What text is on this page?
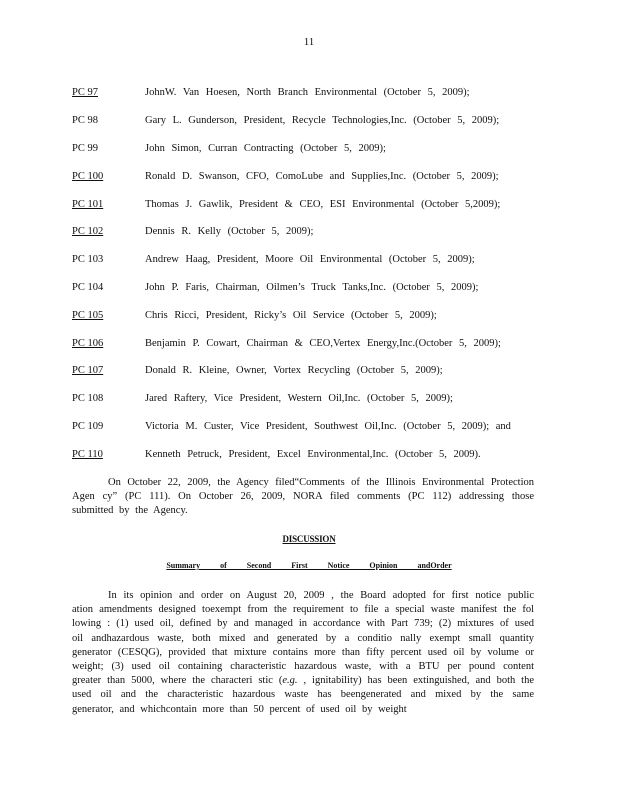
11
PC 97	JohnW. Van Hoesen, North Branch Environmental (October 5, 2009);
PC 98	Gary L. Gunderson, President, Recycle Technologies,Inc. (October 5, 2009);
PC 99	John Simon, Curran Contracting (October 5, 2009);
PC 100	Ronald D. Swanson, CFO, ComoLube and Supplies,Inc. (October 5, 2009);
PC 101	Thomas J. Gawlik, President & CEO, ESI Environmental (October 5,2009);
PC 102	Dennis R. Kelly (October 5, 2009);
PC 103	Andrew Haag, President, Moore Oil Environmental (October 5, 2009);
PC 104	John P. Faris, Chairman, Oilmen’s Truck Tanks,Inc. (October 5, 2009);
PC 105	Chris Ricci, President, Ricky’s Oil Service (October 5, 2009);
PC 106	Benjamin P. Cowart, Chairman & CEO,Vertex Energy,Inc.(October 5, 2009);
PC 107	Donald R. Kleine, Owner, Vortex Recycling (October 5, 2009);
PC 108	Jared Raftery, Vice President, Western Oil,Inc. (October 5, 2009);
PC 109	Victoria M. Custer, Vice President, Southwest Oil,Inc. (October 5, 2009); and
PC 110	Kenneth Petruck, President, Excel Environmental,Inc. (October 5, 2009).

On October 22, 2009, the Agency filed“Comments of the Illinois Environmental Protection Agen cy” (PC 111). On October 26, 2009, NORA filed comments (PC 112) addressing those submitted by the Agency.

DISCUSSION
Summary of Second First Notice Opinion andOrder

In its opinion and order on August 20, 2009 , the Board adopted for first notice public ation amendments designed toexempt from the requirement to file a special waste manifest the fol lowing : (1) used oil, defined by and managed in accordance with Part 739; (2) mixtures of used oil andhazardous waste, both mixed and generated by a conditio nally exempt small quantity generator (CESQG), provided that mixture contains more than fifty percent used oil by volume or weight; (3) used oil containing characteristic hazardous waste, with a BTU per pound content greater than 5000, where the characteri stic (e.g. , ignitability) has been extinguished, and both the used oil and the characteristic hazardous waste has beengenerated and mixed by the same generator, and whichcontain more than 50 percent of used oil by weight
